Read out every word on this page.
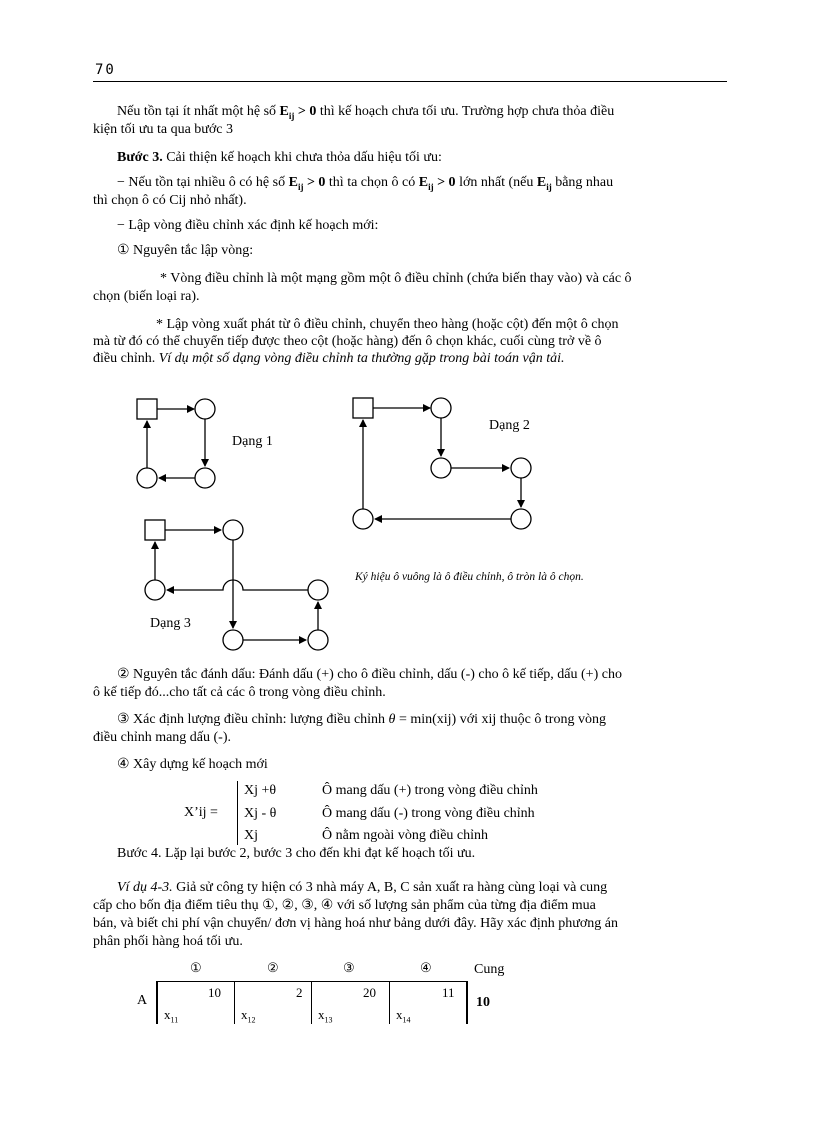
70
Nếu tồn tại ít nhất một hệ số $E_{ij} > 0$ thì kế hoạch chưa tối ưu. Trường hợp chưa thỏa điều
kiện tối ưu ta qua bước 3
Bước 3. Cải thiện kế hoạch khi chưa thỏa dấu hiệu tối ưu:
− Nếu tồn tại nhiều ô có hệ số $E_{ij} > 0$ thì ta chọn ô có $E_{ij} > 0$ lớn nhất (nếu $E_{ij}$ bằng nhau
thì chọn ô có Cij nhỏ nhất).
− Lập vòng điều chỉnh xác định kế hoạch mới:
① Nguyên tắc lập vòng:
* Vòng điều chỉnh là một mạng gồm một ô điều chỉnh (chứa biến thay vào) và các ô
chọn (biến loại ra).
* Lập vòng xuất phát từ ô điều chỉnh, chuyển theo hàng (hoặc cột) đến một ô chọn
mà từ đó có thể chuyển tiếp được theo cột (hoặc hàng) đến ô chọn khác, cuối cùng trở về ô
điều chỉnh. Ví dụ một số dạng vòng điều chỉnh ta thường gặp trong bài toán vận tải.
Dạng 1
Dạng 2
Dạng 3
Ký hiệu ô vuông là ô điều chỉnh, ô tròn là ô chọn.
② Nguyên tắc đánh dấu: Đánh dấu (+) cho ô điều chỉnh, dấu (-) cho ô kế tiếp, dấu (+) cho
ô kế tiếp đó...cho tất cả các ô trong vòng điều chỉnh.
③ Xác định lượng điều chỉnh: lượng điều chỉnh θ = min(xij) với xij thuộc ô trong vòng
điều chỉnh mang dấu (-).
④ Xây dựng kế hoạch mới
X’ij =
Xj +θ	Ô mang dấu (+) trong vòng điều chỉnh
Xj - θ	Ô mang dấu (-) trong vòng điều chỉnh
Xj	Ô nằm ngoài vòng điều chỉnh
Bước 4. Lặp lại bước 2, bước 3 cho đến khi đạt kế hoạch tối ưu.
Ví dụ 4-3. Giả sử công ty hiện có 3 nhà máy A, B, C sản xuất ra hàng cùng loại và cung
cấp cho bốn địa điểm tiêu thụ ①, ②, ③, ④ với số lượng sản phẩm của từng địa điểm mua
bán, và biết chi phí vận chuyển/ đơn vị hàng hoá như bảng dưới đây. Hãy xác định phương án
phân phối hàng hoá tối ưu.
①	②	③	④	Cung
A
10	2	20	11
$x_{11}$	$x_{12}$	$x_{13}$	$x_{14}$
10
